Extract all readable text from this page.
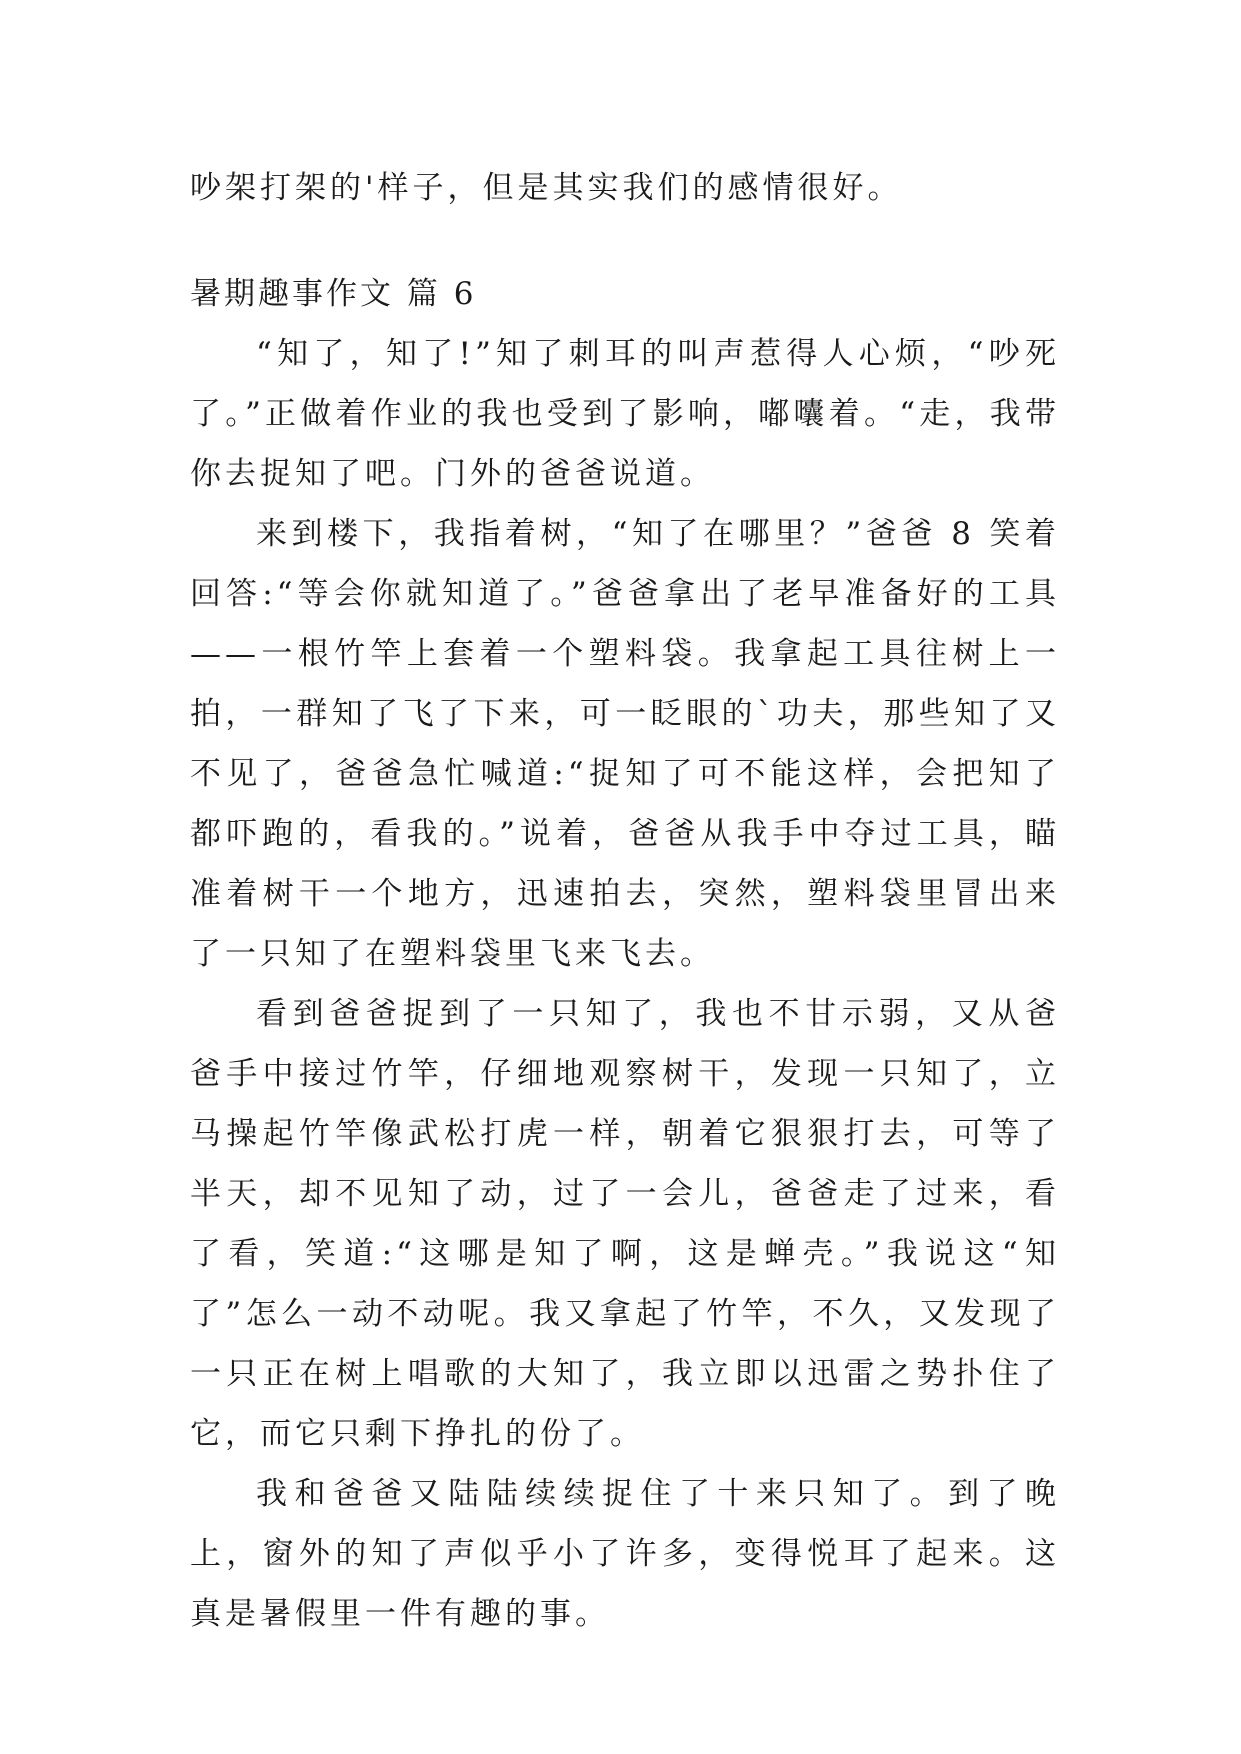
吵架打架的'样子，但是其实我们的感情很好。

暑期趣事作文 篇 6

“知了，知了!”知了刺耳的叫声惹得人心烦，“吵死了。”正做着作业的我也受到了影响，嘟囔着。“走，我带你去捉知了吧。门外的爸爸说道。

来到楼下，我指着树，“知了在哪里？”爸爸 8 笑着回答:“等会你就知道了。”爸爸拿出了老早准备好的工具——一根竹竿上套着一个塑料袋。我拿起工具往树上一拍，一群知了飞了下来，可一眨眼的`功夫，那些知了又不见了，爸爸急忙喊道:“捉知了可不能这样，会把知了都吓跑的，看我的。”说着，爸爸从我手中夺过工具，瞄准着树干一个地方，迅速拍去，突然，塑料袋里冒出来了一只知了在塑料袋里飞来飞去。

看到爸爸捉到了一只知了，我也不甘示弱，又从爸爸手中接过竹竿，仔细地观察树干，发现一只知了，立马操起竹竿像武松打虎一样，朝着它狠狠打去，可等了半天，却不见知了动，过了一会儿，爸爸走了过来，看了看，笑道:“这哪是知了啊，这是蝉壳。”我说这“知了”怎么一动不动呢。我又拿起了竹竿，不久，又发现了一只正在树上唱歌的大知了，我立即以迅雷之势扑住了它，而它只剩下挣扎的份了。

我和爸爸又陆陆续续捉住了十来只知了。到了晚上，窗外的知了声似乎小了许多，变得悦耳了起来。这真是暑假里一件有趣的事。
